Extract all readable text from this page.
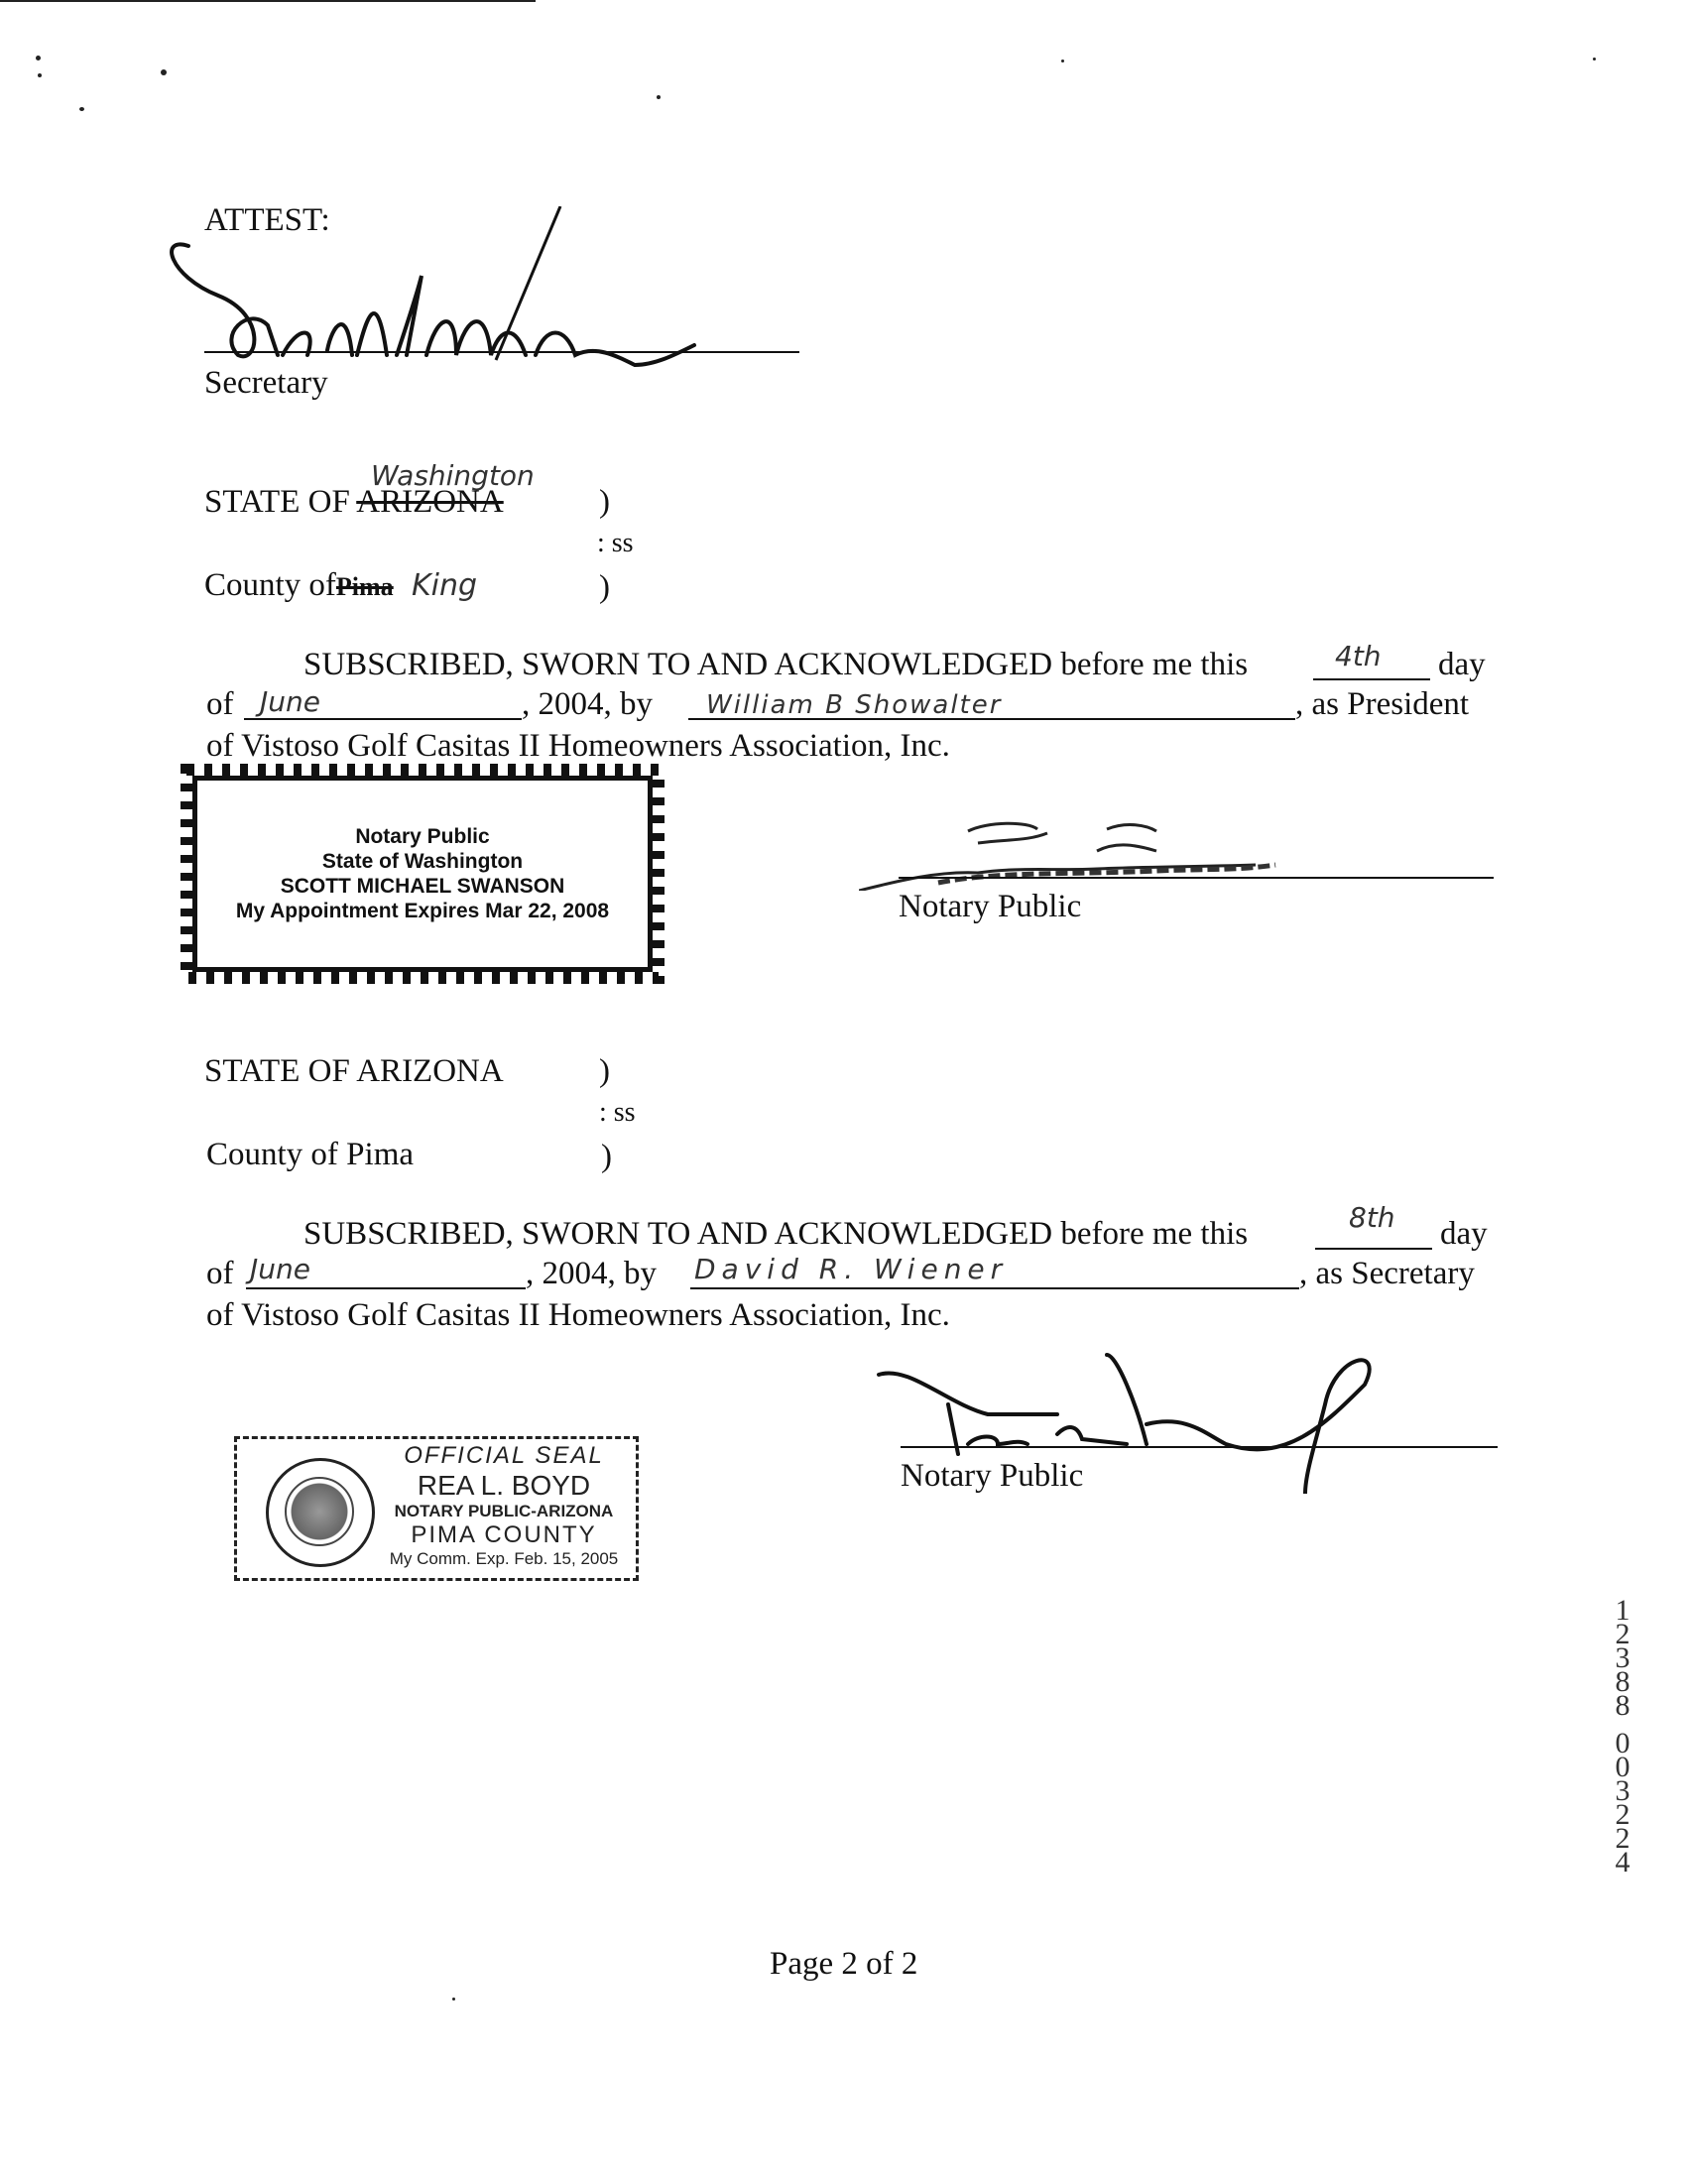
ATTEST:
Secretary
Washington
STATE OF ARIZONA	)
: ss
County ofPima King	)
SUBSCRIBED, SWORN TO AND ACKNOWLEDGED before me this	4th day
of June	, 2004, by William B Showalter	, as President
of Vistoso Golf Casitas II Homeowners Association, Inc.
Notary Public
State of Washington
SCOTT MICHAEL SWANSON
My Appointment Expires Mar 22, 2008	Notary Public
STATE OF ARIZONA	)
: ss
County of Pima	)
SUBSCRIBED, SWORN TO AND ACKNOWLEDGED before me this	8th day
of June	, 2004, by David R. Wiener	, as Secretary
of Vistoso Golf Casitas II Homeowners Association, Inc.
Notary Public
OFFICIAL SEAL
REA L. BOYD
NOTARY PUBLIC-ARIZONA
PIMA COUNTY
My Comm. Exp. Feb. 15, 2005
1
2
3
8
8
0
0
3
2
2
4
Page 2 of 2
